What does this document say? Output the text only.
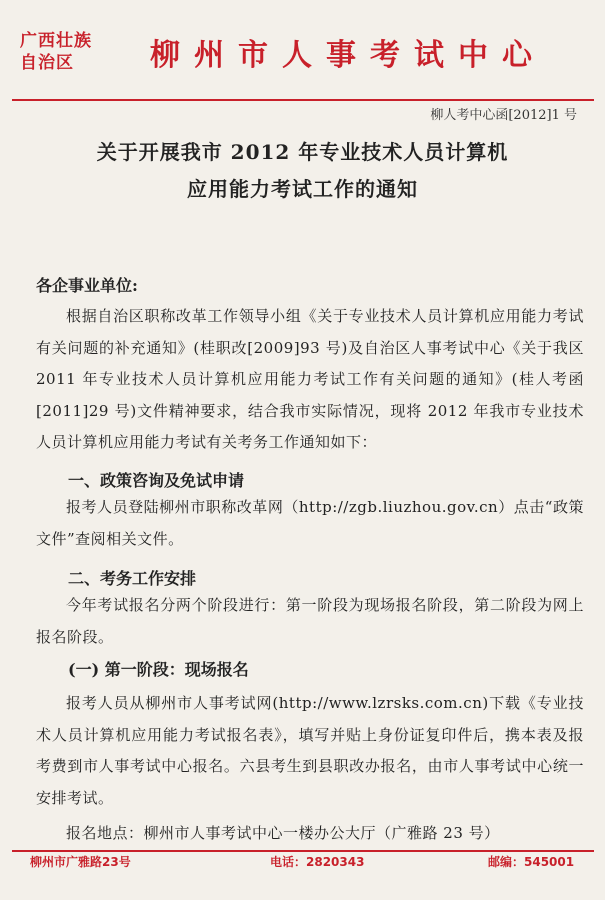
广西壮族
自治区	柳州市人事考试中心
柳人考中心函[2012]1 号
关于开展我市 2012 年专业技术人员计算机
应用能力考试工作的通知
各企事业单位:
根据自治区职称改革工作领导小组《关于专业技术人员计算机应用能力考试有关问题的补充通知》(桂职改[2009]93 号)及自治区人事考试中心《关于我区 2011 年专业技术人员计算机应用能力考试工作有关问题的通知》(桂人考函[2011]29 号)文件精神要求，结合我市实际情况，现将 2012 年我市专业技术人员计算机应用能力考试有关考务工作通知如下：
一、政策咨询及免试申请
报考人员登陆柳州市职称改革网（http://zgb.liuzhou.gov.cn）点击“政策文件”查阅相关文件。
二、考务工作安排
今年考试报名分两个阶段进行：第一阶段为现场报名阶段，第二阶段为网上报名阶段。
(一) 第一阶段：现场报名
报考人员从柳州市人事考试网(http://www.lzrsks.com.cn)下载《专业技术人员计算机应用能力考试报名表》，填写并贴上身份证复印件后，携本表及报考费到市人事考试中心报名。六县考生到县职改办报名，由市人事考试中心统一安排考试。
报名地点：柳州市人事考试中心一楼办公大厅（广雅路 23 号）
柳州市广雅路23号	电话：2820343	邮编：545001
